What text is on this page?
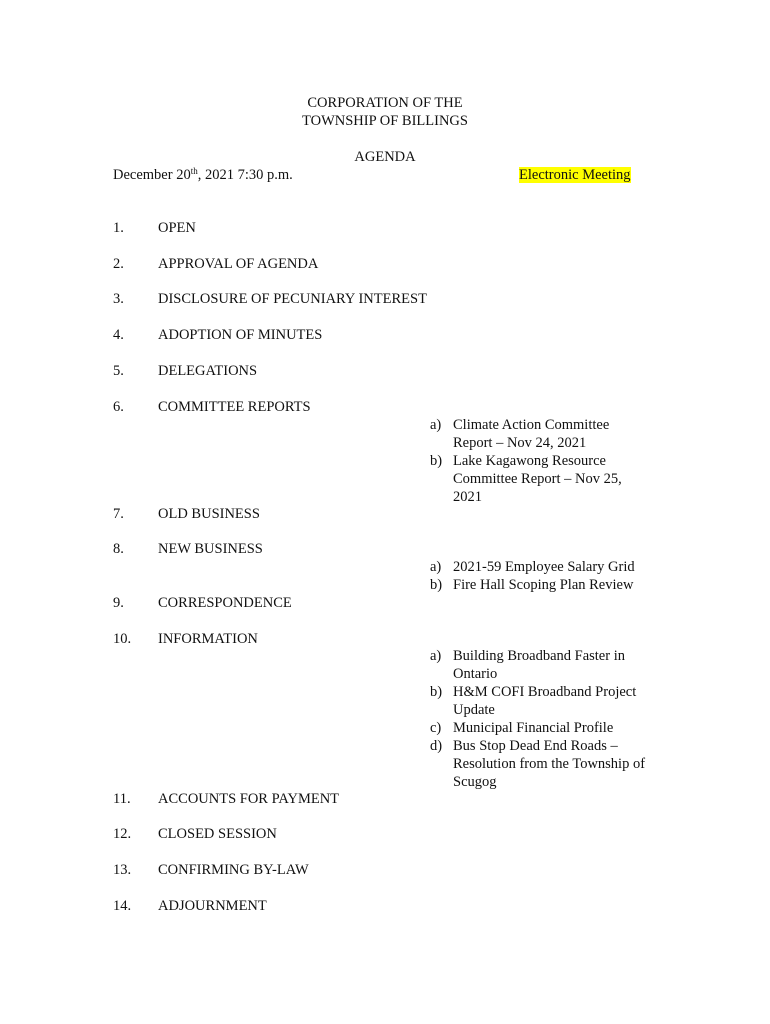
CORPORATION OF THE
TOWNSHIP OF BILLINGS
AGENDA
December 20th, 2021 7:30 p.m.	Electronic Meeting
1. OPEN
2. APPROVAL OF AGENDA
3. DISCLOSURE OF PECUNIARY INTEREST
4. ADOPTION OF MINUTES
5. DELEGATIONS
6. COMMITTEE REPORTS
a) Climate Action Committee Report – Nov 24, 2021
b) Lake Kagawong Resource Committee Report – Nov 25, 2021
7. OLD BUSINESS
8. NEW BUSINESS
a) 2021-59 Employee Salary Grid
b) Fire Hall Scoping Plan Review
9. CORRESPONDENCE
10. INFORMATION
a) Building Broadband Faster in Ontario
b) H&M COFI Broadband Project Update
c) Municipal Financial Profile
d) Bus Stop Dead End Roads – Resolution from the Township of Scugog
11. ACCOUNTS FOR PAYMENT
12. CLOSED SESSION
13. CONFIRMING BY-LAW
14. ADJOURNMENT
